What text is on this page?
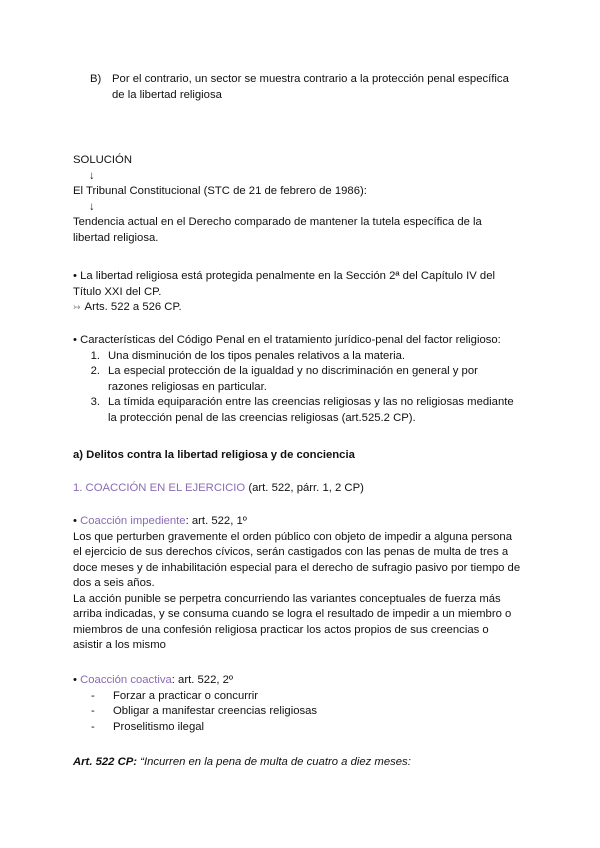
B) Por el contrario, un sector se muestra contrario a la protección penal específica
de la libertad religiosa
SOLUCIÓN
↓
El Tribunal Constitucional (STC de 21 de febrero de 1986):
↓
Tendencia actual en el Derecho comparado de mantener la tutela específica de la
libertad religiosa.
• La libertad religiosa está protegida penalmente en la Sección 2ª del Capítulo IV del
Título XXI del CP.
↣ Arts. 522 a 526 CP.
• Características del Código Penal en el tratamiento jurídico-penal del factor religioso:
1. Una disminución de los tipos penales relativos a la materia.
2. La especial protección de la igualdad y no discriminación en general y por
razones religiosas en particular.
3. La tímida equiparación entre las creencias religiosas y las no religiosas mediante
la protección penal de las creencias religiosas (art.525.2 CP).
a) Delitos contra la libertad religiosa y de conciencia
1. COACCIÓN EN EL EJERCICIO (art. 522, párr. 1, 2 CP)
• Coacción impediente: art. 522, 1º
Los que perturben gravemente el orden público con objeto de impedir a alguna persona
el ejercicio de sus derechos cívicos, serán castigados con las penas de multa de tres a
doce meses y de inhabilitación especial para el derecho de sufragio pasivo por tiempo de
dos a seis años.
La acción punible se perpetra concurriendo las variantes conceptuales de fuerza más
arriba indicadas, y se consuma cuando se logra el resultado de impedir a un miembro o
miembros de una confesión religiosa practicar los actos propios de sus creencias o
asistir a los mismo
• Coacción coactiva: art. 522, 2º
- Forzar a practicar o concurrir
- Obligar a manifestar creencias religiosas
- Proselitismo ilegal
Art. 522 CP: “Incurren en la pena de multa de cuatro a diez meses:
